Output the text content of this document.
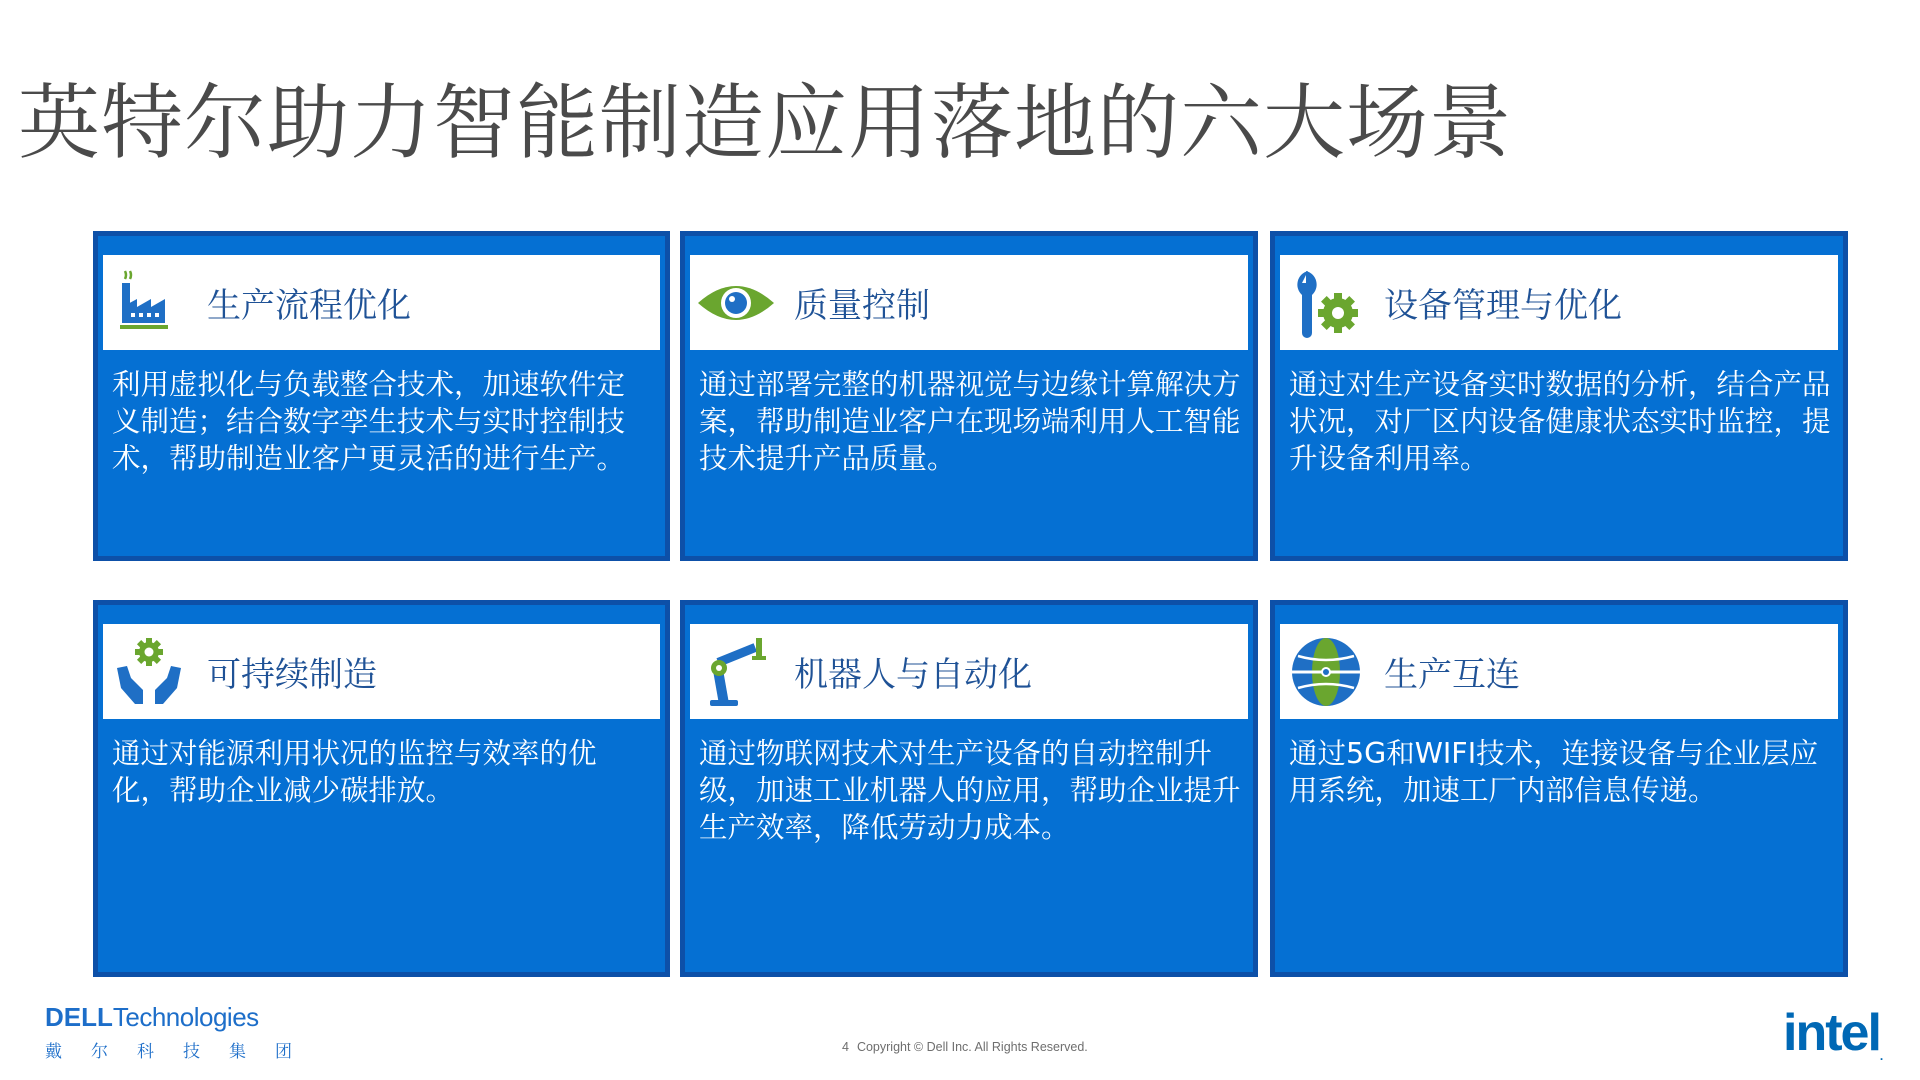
英特尔助力智能制造应用落地的六大场景
生产流程优化
利用虚拟化与负载整合技术，加速软件定义制造；结合数字孪生技术与实时控制技术，帮助制造业客户更灵活的进行生产。
质量控制
通过部署完整的机器视觉与边缘计算解决方案，帮助制造业客户在现场端利用人工智能技术提升产品质量。
设备管理与优化
通过对生产设备实时数据的分析，结合产品状况，对厂区内设备健康状态实时监控，提升设备利用率。
可持续制造
通过对能源利用状况的监控与效率的优化，帮助企业减少碳排放。
机器人与自动化
通过物联网技术对生产设备的自动控制升级，加速工业机器人的应用，帮助企业提升生产效率，降低劳动力成本。
生产互连
通过5G和WIFI技术，连接设备与企业层应用系统，加速工厂内部信息传递。
DELLTechnologies
戴尔科技集团	4 Copyright © Dell Inc. All Rights Reserved.	intel.
